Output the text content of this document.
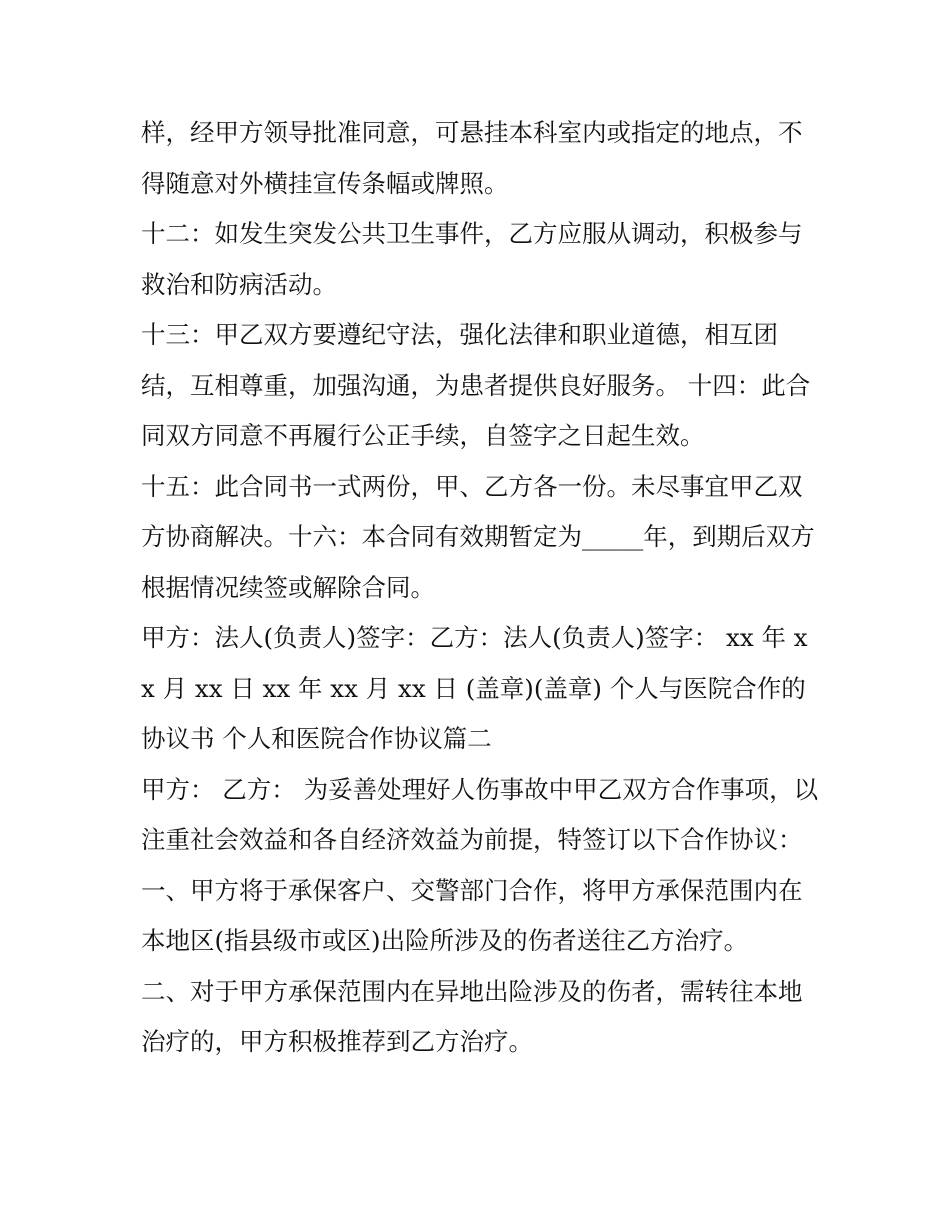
样，经甲方领导批准同意，可悬挂本科室内或指定的地点，不得随意对外横挂宣传条幅或牌照。

十二：如发生突发公共卫生事件，乙方应服从调动，积极参与救治和防病活动。

十三：甲乙双方要遵纪守法，强化法律和职业道德，相互团结，互相尊重，加强沟通，为患者提供良好服务。 十四：此合同双方同意不再履行公正手续，自签字之日起生效。

十五：此合同书一式两份，甲、乙方各一份。未尽事宜甲乙双方协商解决。十六：本合同有效期暂定为_____年，到期后双方根据情况续签或解除合同。

甲方：法人(负责人)签字：乙方：法人(负责人)签字： xx 年 xx 月 xx 日 xx 年 xx 月 xx 日 (盖章)(盖章) 个人与医院合作的协议书 个人和医院合作协议篇二

甲方： 乙方： 为妥善处理好人伤事故中甲乙双方合作事项，以注重社会效益和各自经济效益为前提，特签订以下合作协议：

一、甲方将于承保客户、交警部门合作，将甲方承保范围内在本地区(指县级市或区)出险所涉及的伤者送往乙方治疗。

二、对于甲方承保范围内在异地出险涉及的伤者，需转往本地治疗的，甲方积极推荐到乙方治疗。
